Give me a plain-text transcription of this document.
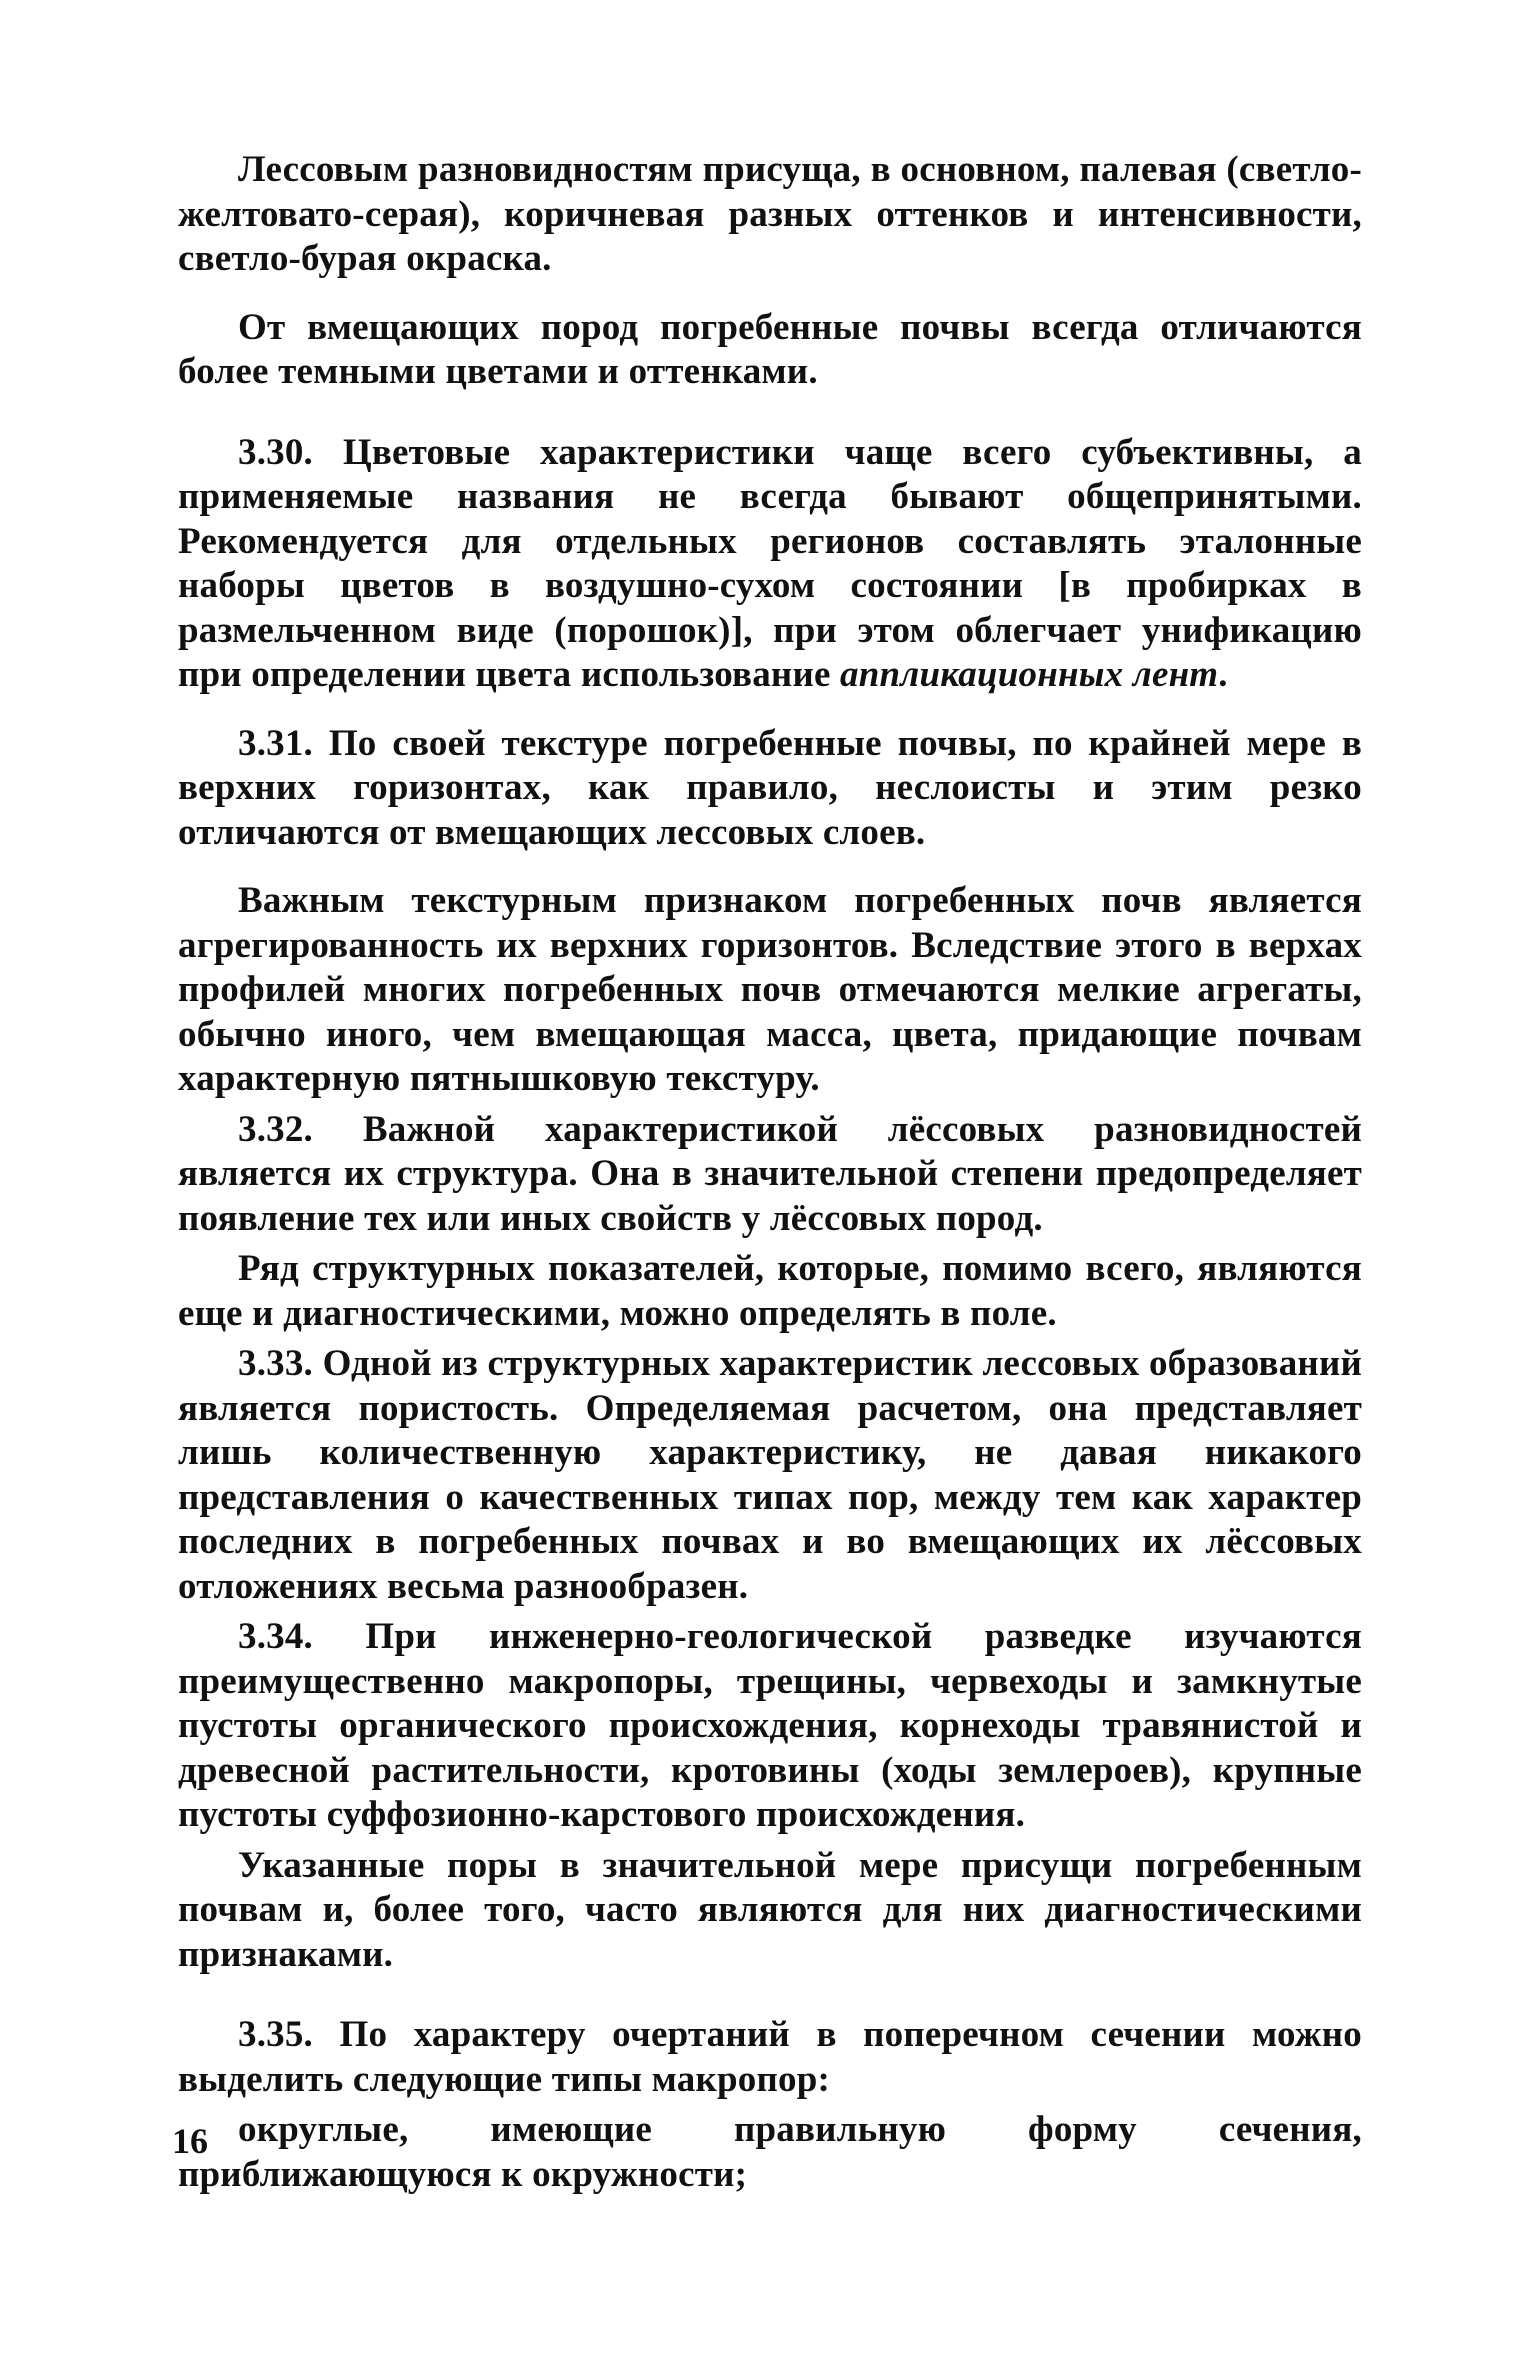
Лессовым разновидностям присуща, в основном, палевая (светло-желтовато-серая), коричневая разных оттенков и интенсивности, светло-бурая окраска.

От вмещающих пород погребенные почвы всегда отличаются более темными цветами и оттенками.

3.30. Цветовые характеристики чаще всего субъективны, а применяемые названия не всегда бывают общепринятыми. Рекомендуется для отдельных регионов составлять эталонные наборы цветов в воздушно-сухом состоянии [в пробирках в размельченном виде (порошок)], при этом облегчает унификацию при определении цвета использование аппликационных лент.

3.31. По своей текстуре погребенные почвы, по крайней мере в верхних горизонтах, как правило, неслоисты и этим резко отличаются от вмещающих лессовых слоев.

Важным текстурным признаком погребенных почв является агрегированность их верхних горизонтов. Вследствие этого в верхах профилей многих погребенных почв отмечаются мелкие агрегаты, обычно иного, чем вмещающая масса, цвета, придающие почвам характерную пятнышковую текстуру.

3.32. Важной характеристикой лёссовых разновидностей является их структура. Она в значительной степени предопределяет появление тех или иных свойств у лёссовых пород.

Ряд структурных показателей, которые, помимо всего, являются еще и диагностическими, можно определять в поле.

3.33. Одной из структурных характеристик лессовых образований является пористость. Определяемая расчетом, она представляет лишь количественную характеристику, не давая никакого представления о качественных типах пор, между тем как характер последних в погребенных почвах и во вмещающих их лёссовых отложениях весьма разнообразен.

3.34. При инженерно-геологической разведке изучаются преимущественно макропоры, трещины, червеходы и замкнутые пустоты органического происхождения, корнеходы травянистой и древесной растительности, кротовины (ходы землероев), крупные пустоты суффозионно-карстового происхождения.

Указанные поры в значительной мере присущи погребенным почвам и, более того, часто являются для них диагностическими признаками.

3.35. По характеру очертаний в поперечном сечении можно выделить следующие типы макропор:

округлые, имеющие правильную форму сечения, приближающуюся к окружности;

16
